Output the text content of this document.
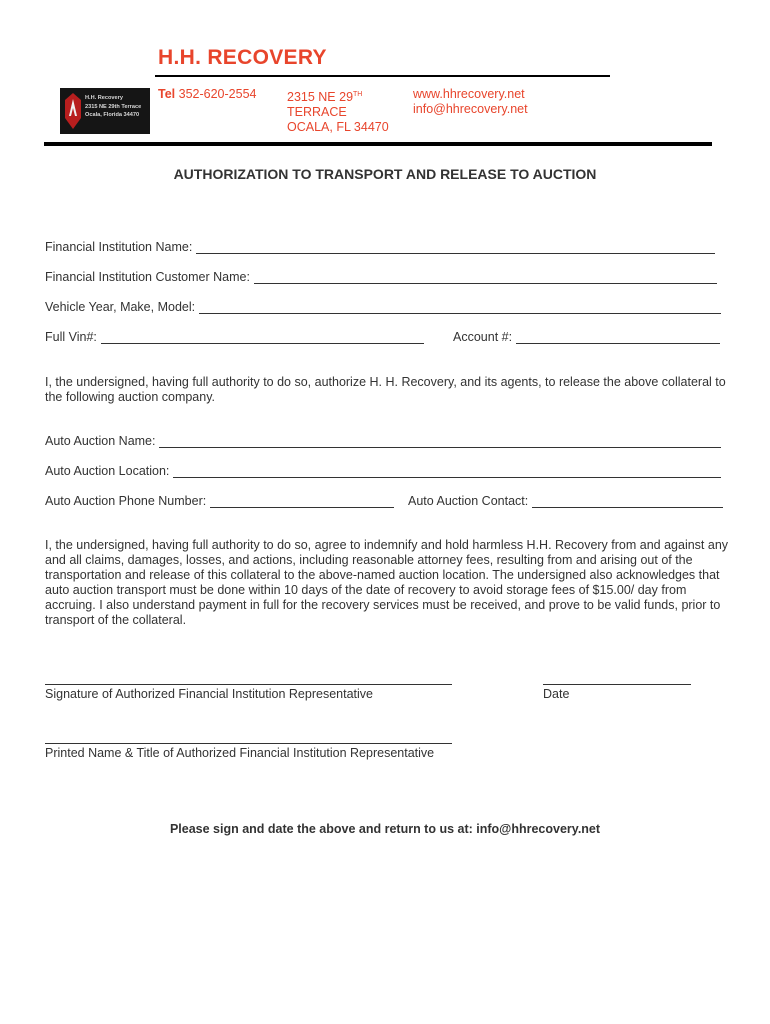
H.H. RECOVERY
H.H. Recovery
2315 NE 29th Terrace
Ocala, Florida 34470
Tel 352-620-2554 2315 NE 29TH
TERRACE
OCALA, FL 34470
www.hhrecovery.net
info@hhrecovery.net
AUTHORIZATION TO TRANSPORT AND RELEASE TO AUCTION
Financial Institution Name:
Financial Institution Customer Name:
Vehicle Year, Make, Model:
Full Vin#:	Account #:

I, the undersigned, having full authority to do so, authorize H. H. Recovery, and its agents, to release the above collateral to the following auction company.

Auto Auction Name:
Auto Auction Location:
Auto Auction Phone Number:	Auto Auction Contact:

I, the undersigned, having full authority to do so, agree to indemnify and hold harmless H.H. Recovery from and against any and all claims, damages, losses, and actions, including reasonable attorney fees, resulting from and arising out of the transportation and release of this collateral to the above-named auction location. The undersigned also acknowledges that auto auction transport must be done within 10 days of the date of recovery to avoid storage fees of $15.00/ day from accruing. I also understand payment in full for the recovery services must be received, and prove to be valid funds, prior to transport of the collateral.

Signature of Authorized Financial Institution Representative	Date
Printed Name & Title of Authorized Financial Institution Representative
Please sign and date the above and return to us at: info@hhrecovery.net
